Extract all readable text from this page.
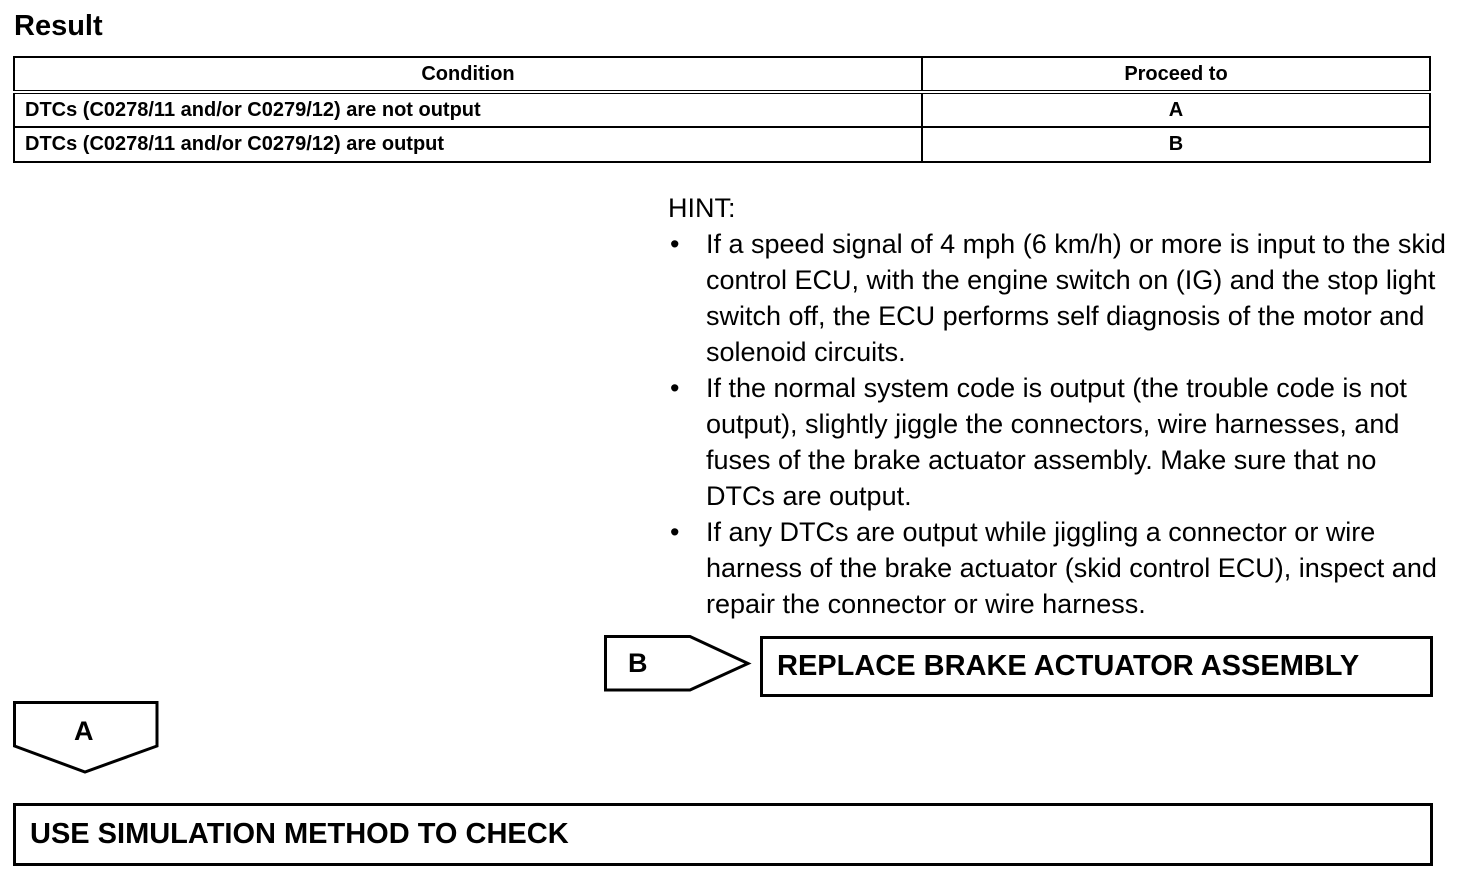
Result
Condition	Proceed to
DTCs (C0278/11 and/or C0279/12) are not output	A
DTCs (C0278/11 and/or C0279/12) are output	B
HINT:
• If a speed signal of 4 mph (6 km/h) or more is input to the skid control ECU, with the engine switch on (IG) and the stop light switch off, the ECU performs self diagnosis of the motor and solenoid circuits.
• If the normal system code is output (the trouble code is not output), slightly jiggle the connectors, wire harnesses, and fuses of the brake actuator assembly. Make sure that no DTCs are output.
• If any DTCs are output while jiggling a connector or wire harness of the brake actuator (skid control ECU), inspect and repair the connector or wire harness.
B	REPLACE BRAKE ACTUATOR ASSEMBLY
A
USE SIMULATION METHOD TO CHECK
